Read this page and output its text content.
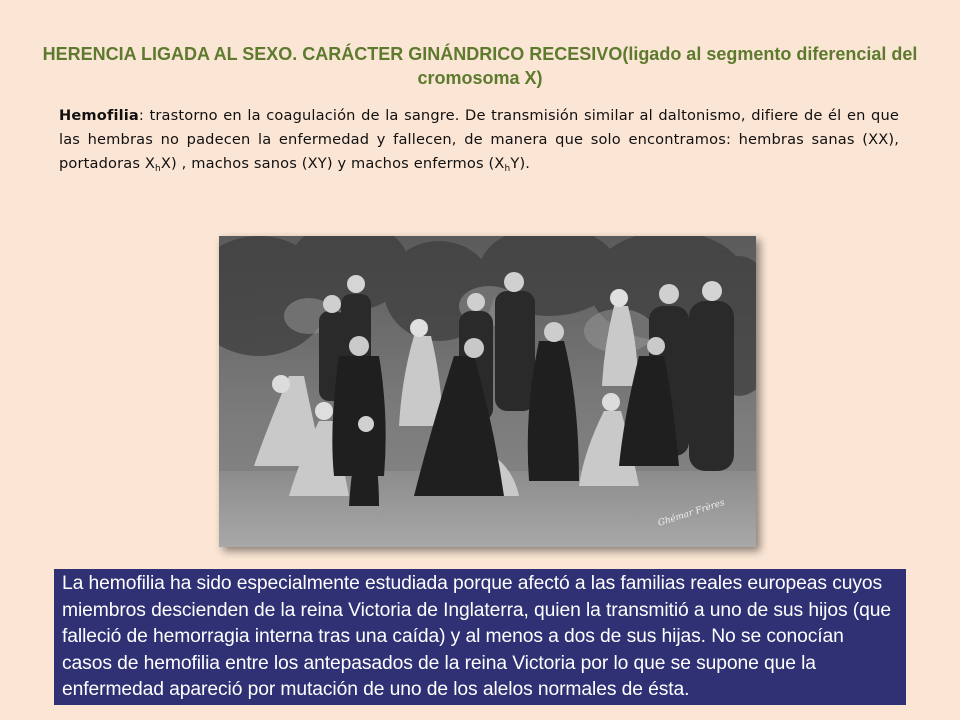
HERENCIA LIGADA AL SEXO. CARÁCTER GINÁNDRICO RECESIVO(ligado al segmento diferencial del cromosoma X)
Hemofilia: trastorno en la coagulación de la sangre. De transmisión similar al daltonismo, difiere de él en que las hembras no padecen la enfermedad y fallecen, de manera que solo encontramos: hembras sanas (XX), portadoras $X_hX$) , machos sanos (XY) y machos enfermos $(X_hY)$.
Ghémar Frères
La hemofilia ha sido especialmente estudiada porque afectó a las familias reales europeas cuyos miembros descienden de la reina Victoria de Inglaterra, quien la transmitió a uno de sus hijos (que falleció de hemorragia interna tras una caída) y al menos a dos de sus hijas. No se conocían casos de hemofilia entre los antepasados de la reina Victoria por lo que se supone que la enfermedad apareció por mutación de uno de los alelos normales de ésta.
